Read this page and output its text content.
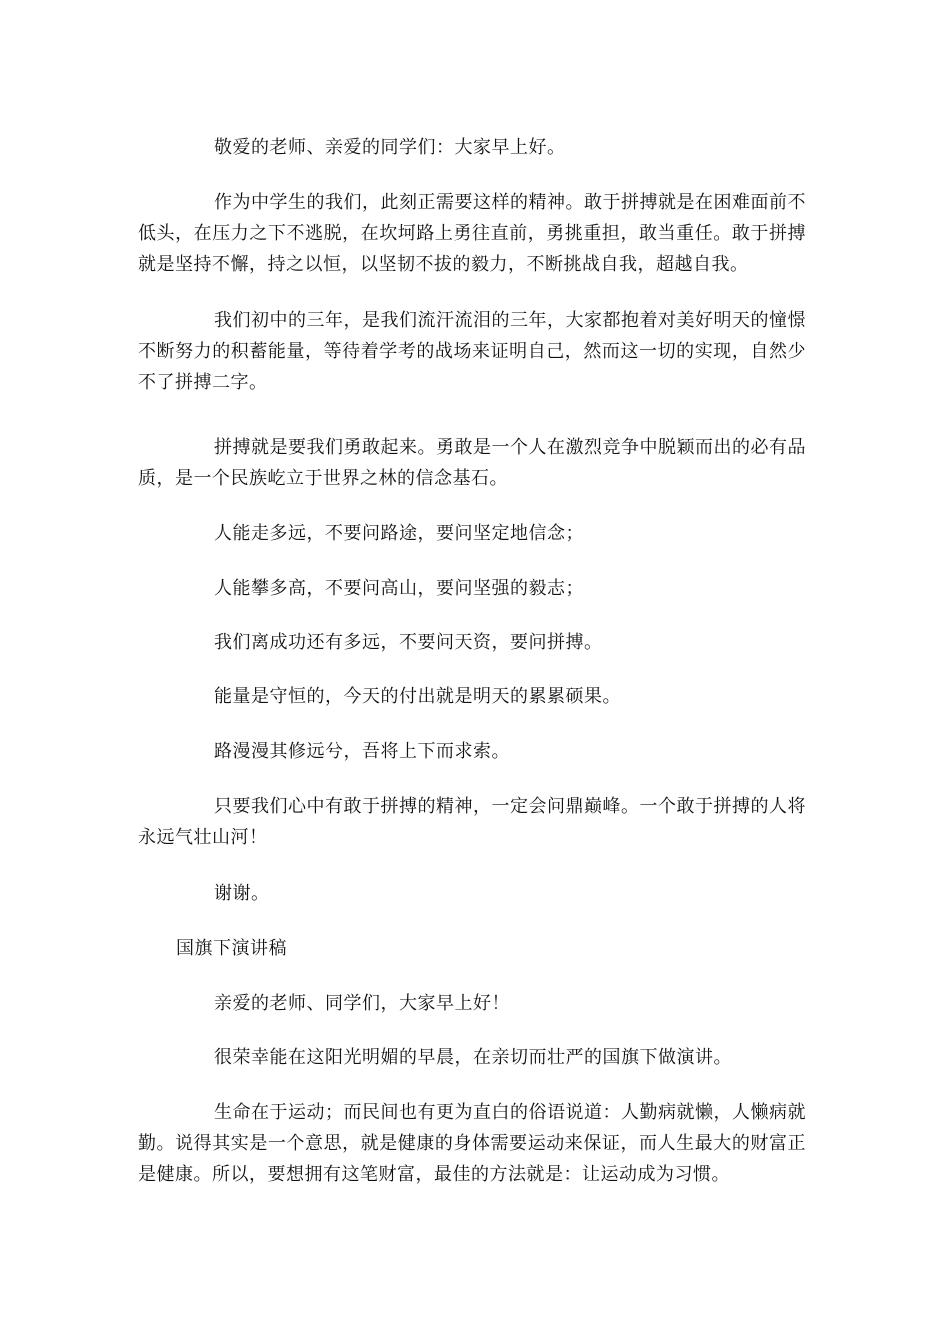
敬爱的老师、亲爱的同学们：大家早上好。

作为中学生的我们，此刻正需要这样的精神。敢于拼搏就是在困难面前不低头，在压力之下不逃脱，在坎坷路上勇往直前，勇挑重担，敢当重任。敢于拼搏就是坚持不懈，持之以恒，以坚韧不拔的毅力，不断挑战自我，超越自我。

我们初中的三年，是我们流汗流泪的三年，大家都抱着对美好明天的憧憬不断努力的积蓄能量，等待着学考的战场来证明自己，然而这一切的实现，自然少不了拼搏二字。

拼搏就是要我们勇敢起来。勇敢是一个人在激烈竞争中脱颖而出的必有品质，是一个民族屹立于世界之林的信念基石。

人能走多远，不要问路途，要问坚定地信念；

人能攀多高，不要问高山，要问坚强的毅志；

我们离成功还有多远，不要问天资，要问拼搏。

能量是守恒的，今天的付出就是明天的累累硕果。

路漫漫其修远兮，吾将上下而求索。

只要我们心中有敢于拼搏的精神，一定会问鼎巅峰。一个敢于拼搏的人将永远气壮山河！

谢谢。

国旗下演讲稿

亲爱的老师、同学们，大家早上好！

很荣幸能在这阳光明媚的早晨，在亲切而壮严的国旗下做演讲。

生命在于运动；而民间也有更为直白的俗语说道：人勤病就懒，人懒病就勤。说得其实是一个意思，就是健康的身体需要运动来保证，而人生最大的财富正是健康。所以，要想拥有这笔财富，最佳的方法就是：让运动成为习惯。
